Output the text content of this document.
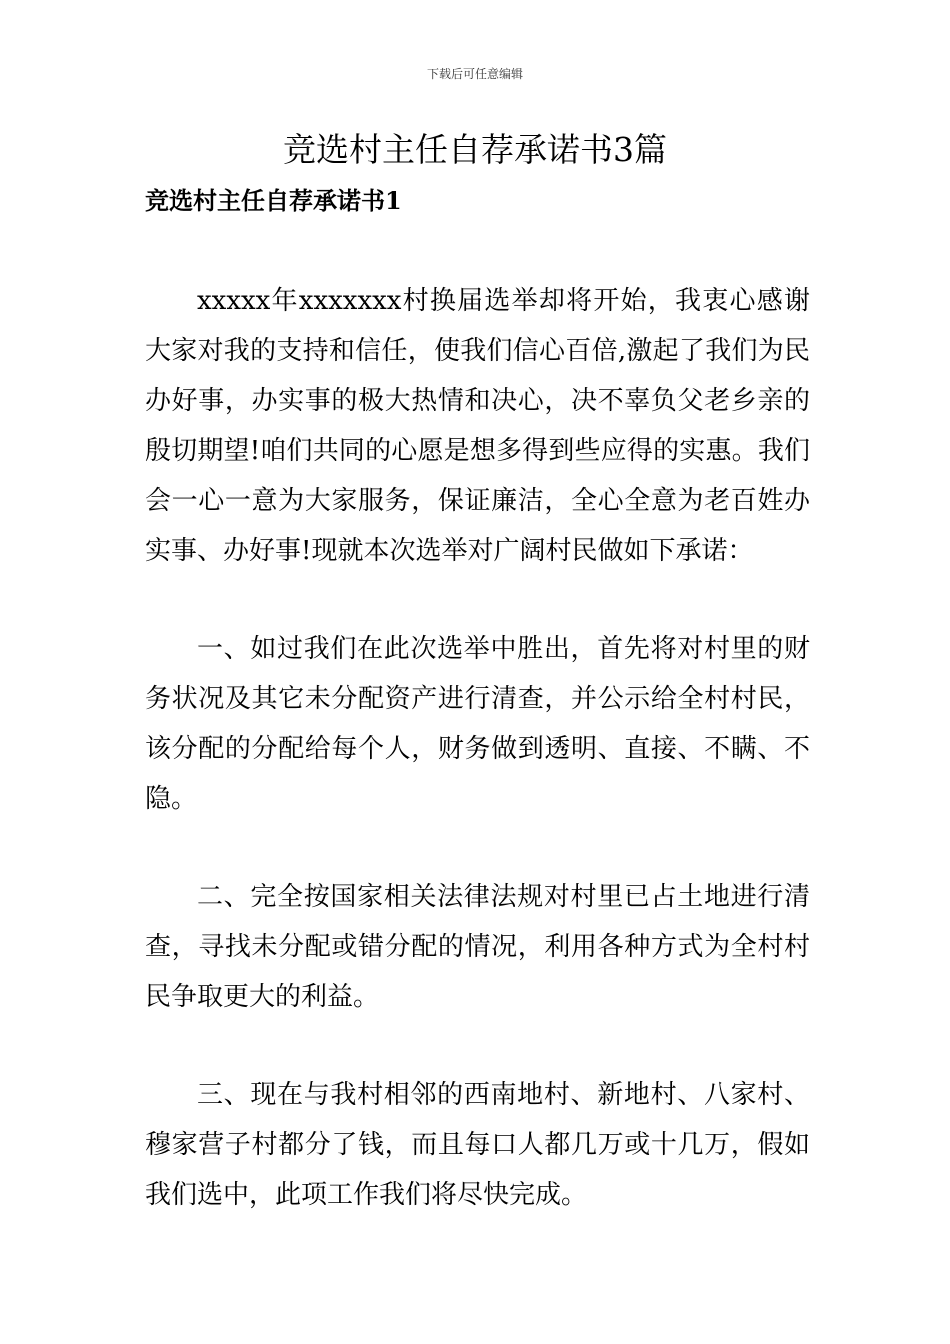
下载后可任意编辑
竞选村主任自荐承诺书3篇
竞选村主任自荐承诺书1

xxxxx年xxxxxxx村换届选举却将开始，我衷心感谢大家对我的支持和信任，使我们信心百倍,激起了我们为民办好事，办实事的极大热情和决心，决不辜负父老乡亲的殷切期望!咱们共同的心愿是想多得到些应得的实惠。我们会一心一意为大家服务，保证廉洁，全心全意为老百姓办实事、办好事!现就本次选举对广阔村民做如下承诺：

一、如过我们在此次选举中胜出，首先将对村里的财务状况及其它未分配资产进行清查，并公示给全村村民，该分配的分配给每个人，财务做到透明、直接、不瞒、不隐。

二、完全按国家相关法律法规对村里已占土地进行清查，寻找未分配或错分配的情况，利用各种方式为全村村民争取更大的利益。

三、现在与我村相邻的西南地村、新地村、八家村、穆家营子村都分了钱，而且每口人都几万或十几万，假如我们选中，此项工作我们将尽快完成。
